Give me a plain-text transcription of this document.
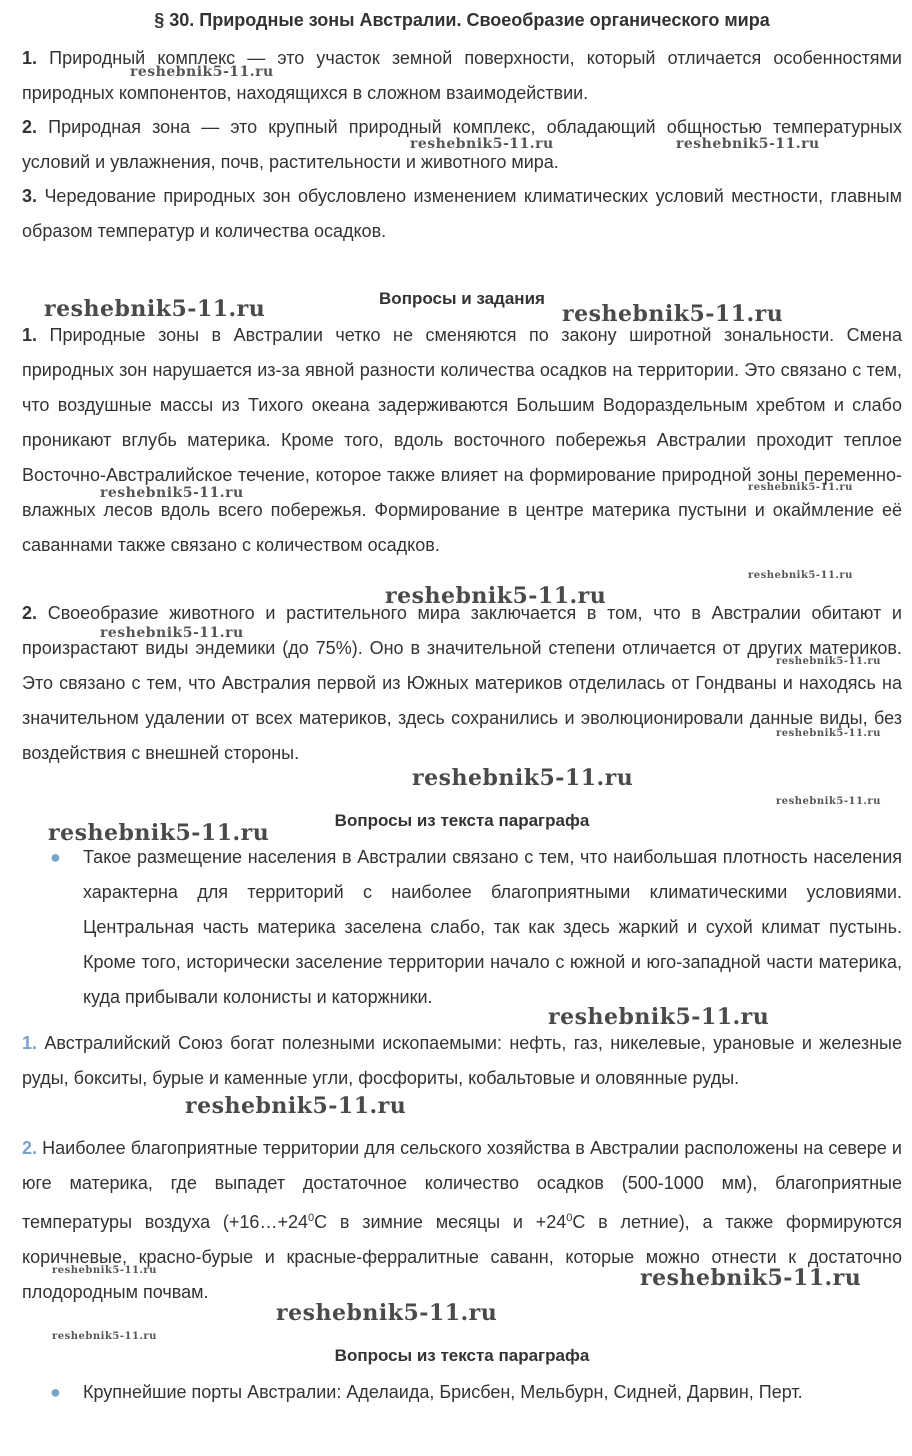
§ 30. Природные зоны Австралии. Своеобразие органического мира
1. Природный комплекс — это участок земной поверхности, который отличается особенностями природных компонентов, находящихся в сложном взаимодействии.
2. Природная зона — это крупный природный комплекс, обладающий общностью температурных условий и увлажнения, почв, растительности и животного мира.
3. Чередование природных зон обусловлено изменением климатических условий местности, главным образом температур и количества осадков.
Вопросы и задания
1. Природные зоны в Австралии четко не сменяются по закону широтной зональности. Смена природных зон нарушается из-за явной разности количества осадков на территории. Это связано с тем, что воздушные массы из Тихого океана задерживаются Большим Водораздельным хребтом и слабо проникают вглубь материка. Кроме того, вдоль восточного побережья Австралии проходит теплое Восточно-Австралийское течение, которое также влияет на формирование природной зоны переменно-влажных лесов вдоль всего побережья. Формирование в центре материка пустыни и окаймление её саваннами также связано с количеством осадков.
2. Своеобразие животного и растительного мира заключается в том, что в Австралии обитают и произрастают виды эндемики (до 75%). Оно в значительной степени отличается от других материков. Это связано с тем, что Австралия первой из Южных материков отделилась от Гондваны и находясь на значительном удалении от всех материков, здесь сохранились и эволюционировали данные виды, без воздействия с внешней стороны.
Вопросы из текста параграфа
● Такое размещение населения в Австралии связано с тем, что наибольшая плотность населения характерна для территорий с наиболее благоприятными климатическими условиями. Центральная часть материка заселена слабо, так как здесь жаркий и сухой климат пустынь. Кроме того, исторически заселение территории начало с южной и юго-западной части материка, куда прибывали колонисты и каторжники.
1. Австралийский Союз богат полезными ископаемыми: нефть, газ, никелевые, урановые и железные руды, бокситы, бурые и каменные угли, фосфориты, кобальтовые и оловянные руды.
2. Наиболее благоприятные территории для сельского хозяйства в Австралии расположены на севере и юге материка, где выпадет достаточное количество осадков (500-1000 мм), благоприятные температуры воздуха ($+16\dots+24^0С$ в зимние месяцы $и +24^0С$ в летние), а также формируются коричневые, красно-бурые и красные-ферралитные саванн, которые можно отнести к достаточно плодородным почвам.
Вопросы из текста параграфа
● Крупнейшие порты Австралии: Аделаида, Брисбен, Мельбурн, Сидней, Дарвин, Перт.
reshebnik5-11.ru
reshebnik5-11.ru	reshebnik5-11.ru
reshebnik5-11.ru	reshebnik5-11.ru
reshebnik5-11.ru	reshebnik5-11.ru
reshebnik5-11.ru
reshebnik5-11.ru
reshebnik5-11.ru
reshebnik5-11.ru
reshebnik5-11.ru
reshebnik5-11.ru
reshebnik5-11.ru
reshebnik5-11.ru
reshebnik5-11.ru
reshebnik5-11.ru
reshebnik5-11.ru	reshebnik5-11.ru
reshebnik5-11.ru
reshebnik5-11.ru
